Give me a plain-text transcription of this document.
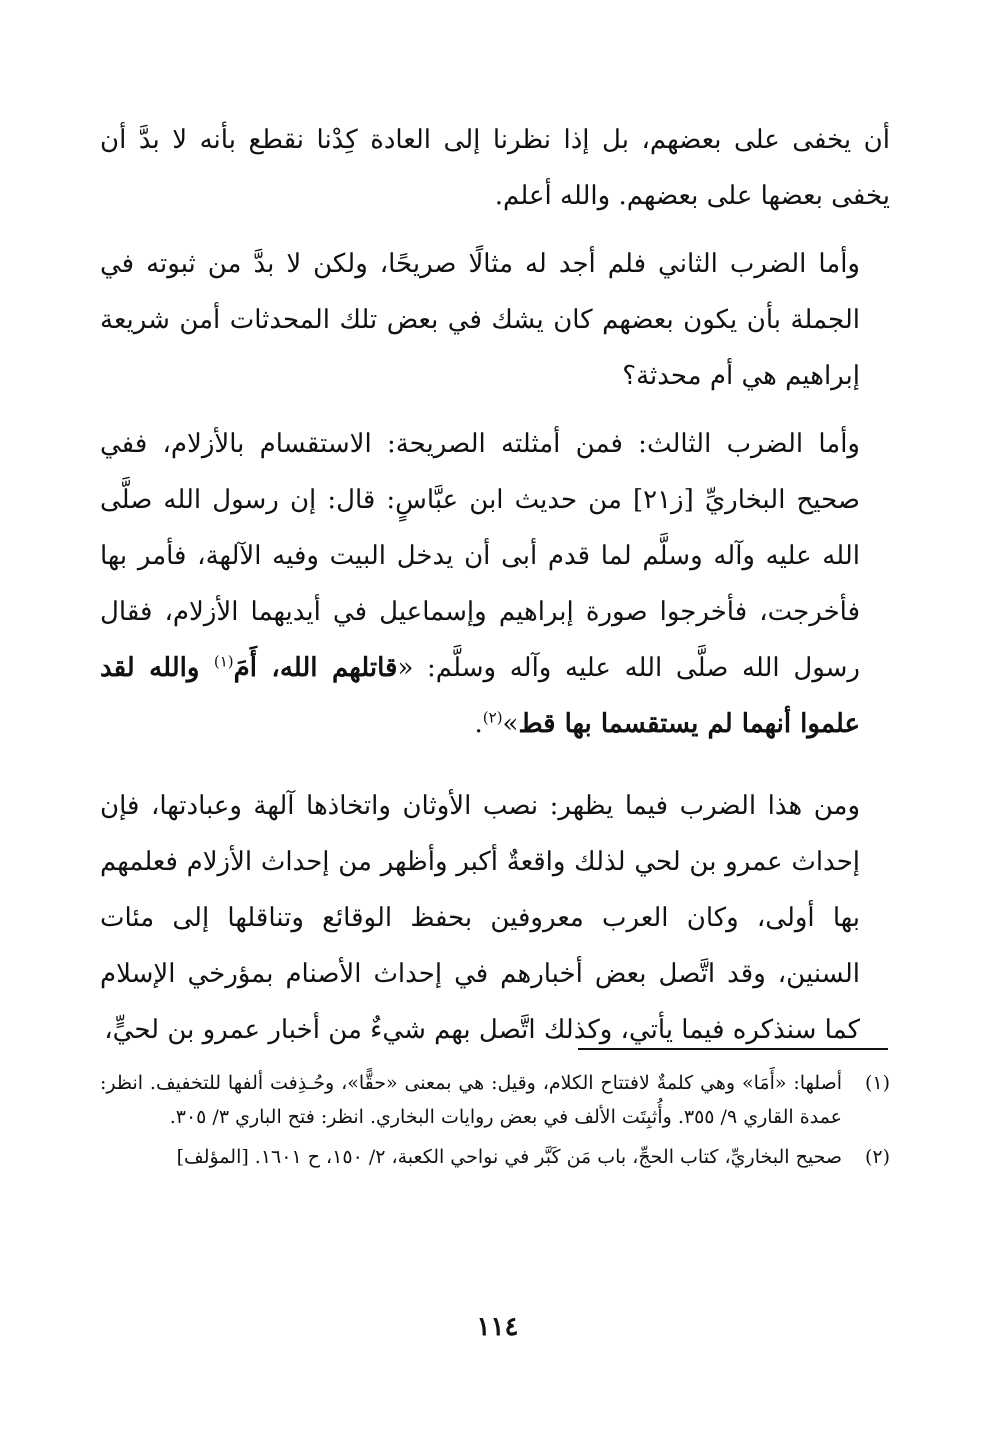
أن يخفى على بعضهم، بل إذا نظرنا إلى العادة كِدْنا نقطع بأنه لا بدَّ أن يخفى بعضها على بعضهم. والله أعلم.

وأما الضرب الثاني فلم أجد له مثالًا صريحًا، ولكن لا بدَّ من ثبوته في الجملة بأن يكون بعضهم كان يشك في بعض تلك المحدثات أمن شريعة إبراهيم هي أم محدثة؟

وأما الضرب الثالث: فمن أمثلته الصريحة: الاستقسام بالأزلام، ففي صحيح البخاريِّ [ز٢١] من حديث ابن عبَّاسٍ: قال: إن رسول الله صلَّى الله عليه وآله وسلَّم لما قدم أبى أن يدخل البيت وفيه الآلهة، فأمر بها فأخرجت، فأخرجوا صورة إبراهيم وإسماعيل في أيديهما الأزلام، فقال رسول الله صلَّى الله عليه وآله وسلَّم: «قاتلهم الله، أَمَ$^{(١)}$ والله لقد علموا أنهما لم يستقسما بها قط»$^{(٢)}$.

ومن هذا الضرب فيما يظهر: نصب الأوثان واتخاذها آلهة وعبادتها، فإن إحداث عمرو بن لحي لذلك واقعةٌ أكبر وأظهر من إحداث الأزلام فعلمهم بها أولى، وكان العرب معروفين بحفظ الوقائع وتناقلها إلى مئات السنين، وقد اتَّصل بعض أخبارهم في إحداث الأصنام بمؤرخي الإسلام كما سنذكره فيما يأتي، وكذلك اتَّصل بهم شيءٌ من أخبار عمرو بن لحيٍّ،

(١)
أصلها: «أَمَا» وهي كلمةٌ لافتتاح الكلام، وقيل: هي بمعنى «حقًّا»، وحُـذِفت ألفها للتخفيف. انظر: عمدة القاري ٩/ ٣٥٥. وأُثبِتَت الألف في بعض روايات البخاري. انظر: فتح الباري ٣/ ٣٠٥.
(٢)
صحيح البخاريِّ، كتاب الحجِّ، باب مَن كَبَّر في نواحي الكعبة، ٢/ ١٥٠، ح ١٦٠١. [المؤلف]
١١٤
